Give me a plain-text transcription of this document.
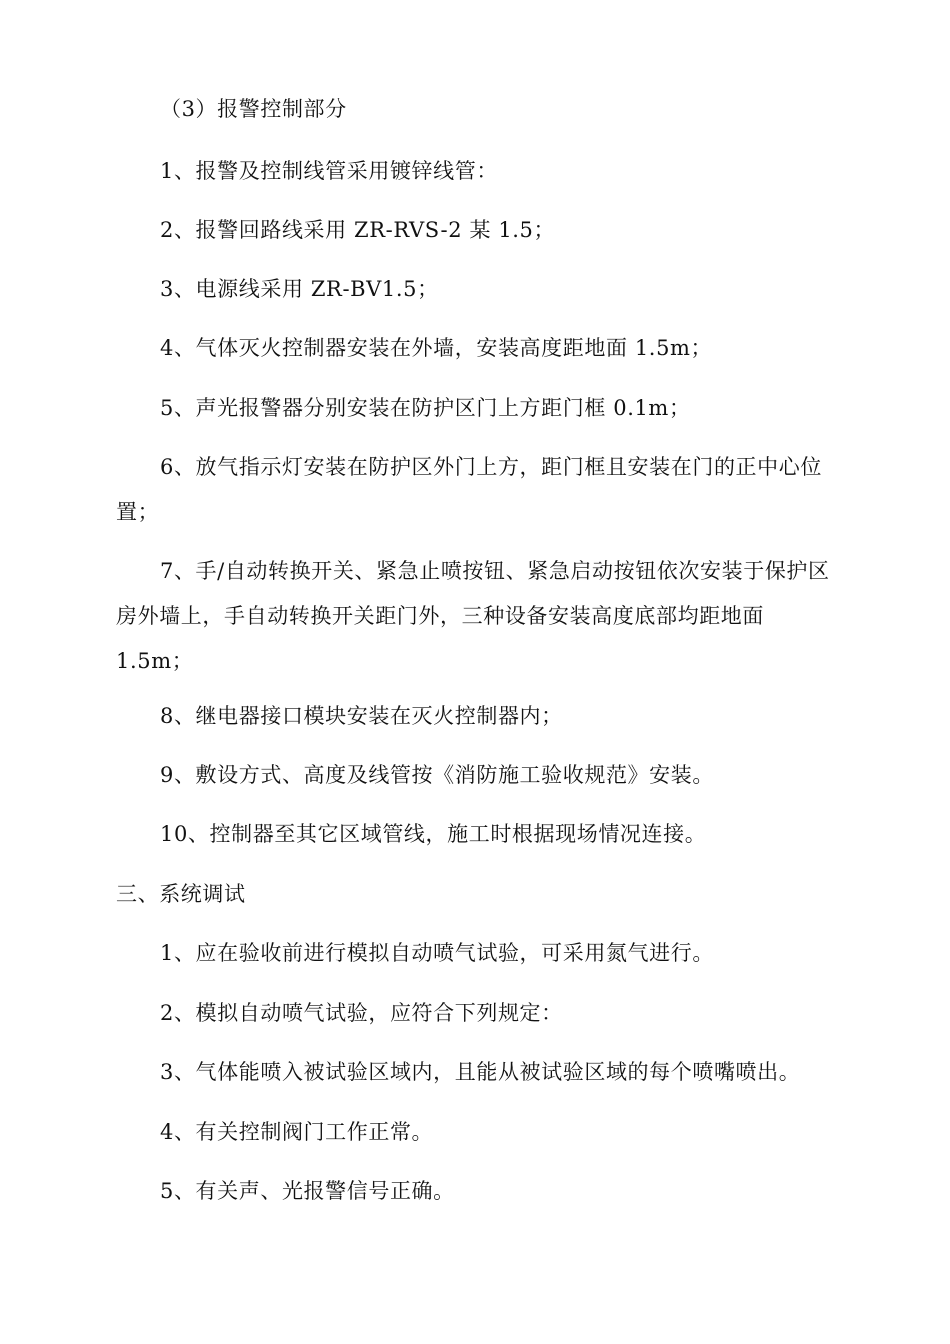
（3）报警控制部分

1、报警及控制线管采用镀锌线管：

2、报警回路线采用 ZR-RVS-2 某 1.5；

3、电源线采用 ZR-BV1.5；

4、气体灭火控制器安装在外墙，安装高度距地面 1.5m；

5、声光报警器分别安装在防护区门上方距门框 0.1m；

6、放气指示灯安装在防护区外门上方，距门框且安装在门的正中心位置；

7、手/自动转换开关、紧急止喷按钮、紧急启动按钮依次安装于保护区房外墙上，手自动转换开关距门外，三种设备安装高度底部均距地面 1.5m；

8、继电器接口模块安装在灭火控制器内；

9、敷设方式、高度及线管按《消防施工验收规范》安装。

10、控制器至其它区域管线，施工时根据现场情况连接。

三、系统调试

1、应在验收前进行模拟自动喷气试验，可采用氮气进行。

2、模拟自动喷气试验，应符合下列规定：

3、气体能喷入被试验区域内，且能从被试验区域的每个喷嘴喷出。

4、有关控制阀门工作正常。

5、有关声、光报警信号正确。
